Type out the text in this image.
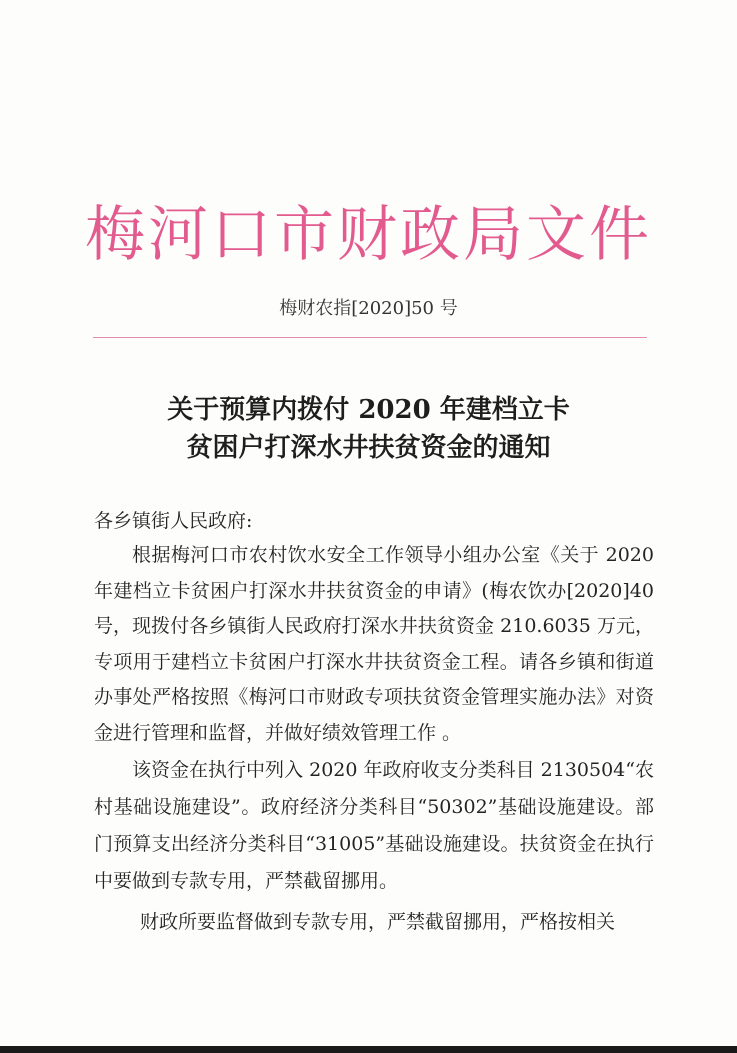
梅河口市财政局文件
梅财农指[2020]50 号
关于预算内拨付 2020 年建档立卡
贫困户打深水井扶贫资金的通知
各乡镇街人民政府:
根据梅河口市农村饮水安全工作领导小组办公室《关于 2020 年建档立卡贫困户打深水井扶贫资金的申请》(梅农饮办[2020]40 号，现拨付各乡镇街人民政府打深水井扶贫资金 210.6035 万元，专项用于建档立卡贫困户打深水井扶贫资金工程。请各乡镇和街道办事处严格按照《梅河口市财政专项扶贫资金管理实施办法》对资金进行管理和监督，并做好绩效管理工作 。
该资金在执行中列入 2020 年政府收支分类科目 2130504“农村基础设施建设”。政府经济分类科目“50302”基础设施建设。部门预算支出经济分类科目“31005”基础设施建设。扶贫资金在执行中要做到专款专用，严禁截留挪用。
财政所要监督做到专款专用，严禁截留挪用，严格按相关
